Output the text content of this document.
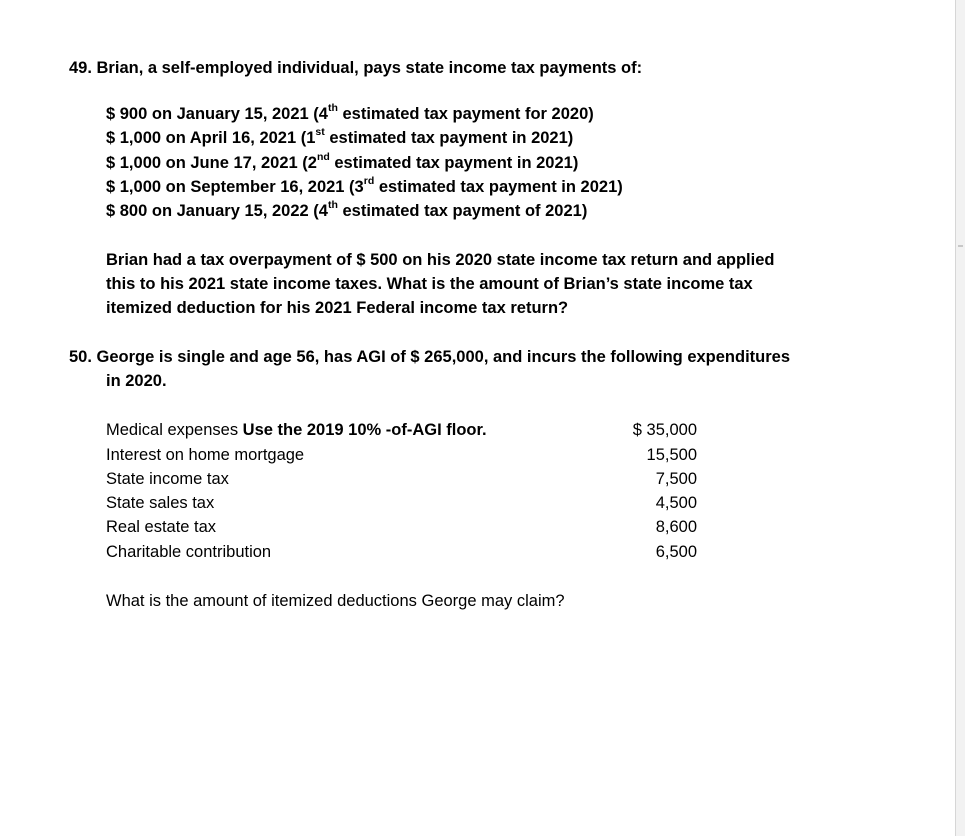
49. Brian, a self-employed individual, pays state income tax payments of:
$ 900 on January 15, 2021 (4th estimated tax payment for 2020)
$ 1,000 on April 16, 2021 (1st estimated tax payment in 2021)
$ 1,000 on June 17, 2021 (2nd estimated tax payment in 2021)
$ 1,000 on September 16, 2021 (3rd estimated tax payment in 2021)
$ 800 on January 15, 2022 (4th estimated tax payment of 2021)
Brian had a tax overpayment of $ 500 on his 2020 state income tax return and applied
this to his 2021 state income taxes. What is the amount of Brian’s state income tax
itemized deduction for his 2021 Federal income tax return?
50. George is single and age 56, has AGI of $ 265,000, and incurs the following expenditures
in 2020.
Medical expenses Use the 2019 10% -of-AGI floor.	$ 35,000
Interest on home mortgage	15,500
State income tax	7,500
State sales tax	4,500
Real estate tax	8,600
Charitable contribution	6,500
What is the amount of itemized deductions George may claim?
